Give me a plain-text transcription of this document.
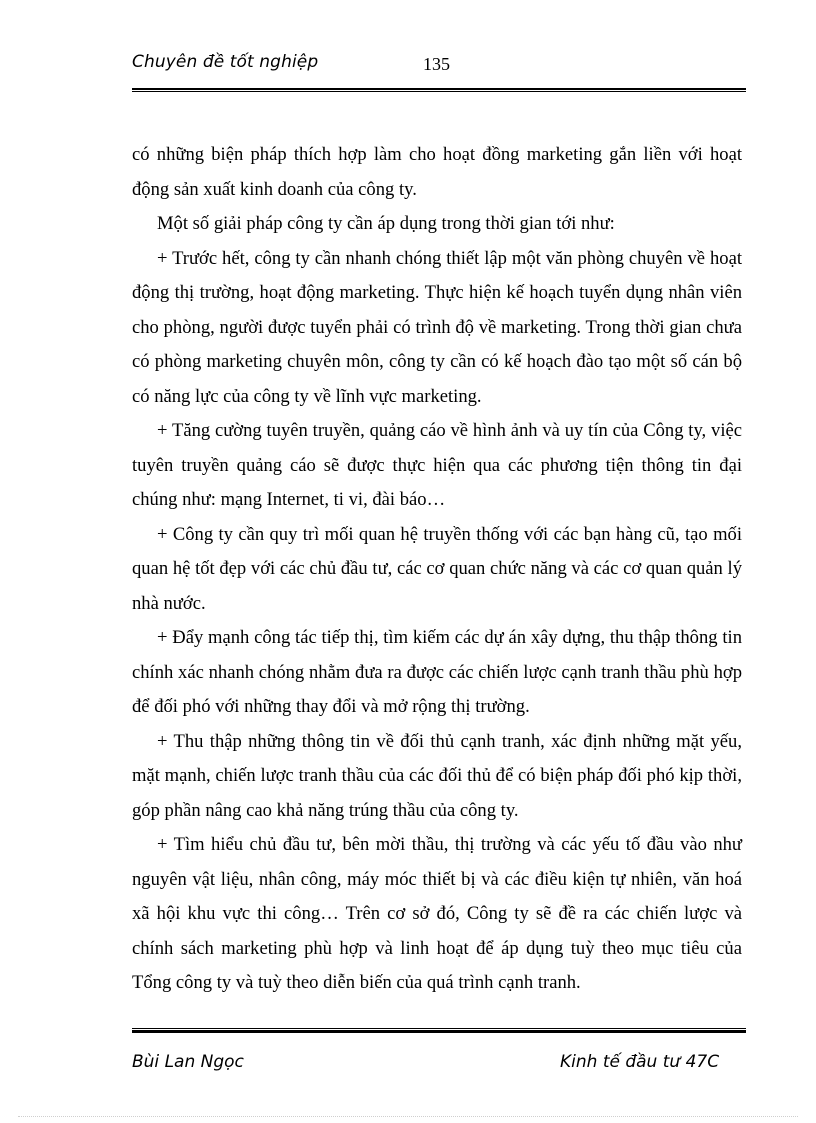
Chuyên đề tốt nghiệp	135

có những biện pháp thích hợp làm cho hoạt đồng marketing gắn liền với hoạt động sản xuất kinh doanh của công ty.

Một số giải pháp công ty cần áp dụng trong thời gian tới như:

+ Trước hết, công ty cần nhanh chóng thiết lập một văn phòng chuyên về hoạt động thị trường, hoạt động marketing. Thực hiện kế hoạch tuyển dụng nhân viên cho phòng, người được tuyển phải có trình độ về marketing. Trong thời gian chưa có phòng marketing chuyên môn, công ty cần có kế hoạch đào tạo một số cán bộ có năng lực của công ty về lĩnh vực marketing.

+ Tăng cường tuyên truyền, quảng cáo về hình ảnh và uy tín của Công ty, việc tuyên truyền quảng cáo sẽ được thực hiện qua các phương tiện thông tin đại chúng như: mạng Internet, ti vi, đài báo…

+ Công ty cần quy trì mối quan hệ truyền thống với các bạn hàng cũ, tạo mối quan hệ tốt đẹp với các chủ đầu tư, các cơ quan chức năng và các cơ quan quản lý nhà nước.

+ Đẩy mạnh công tác tiếp thị, tìm kiếm các dự án xây dựng, thu thập thông tin chính xác nhanh chóng nhằm đưa ra được các chiến lược cạnh tranh thầu phù hợp để đối phó với những thay đổi và mở rộng thị trường.

+ Thu thập những thông tin về đối thủ cạnh tranh, xác định những mặt yếu, mặt mạnh, chiến lược tranh thầu của các đối thủ để có biện pháp đối phó kịp thời, góp phần nâng cao khả năng trúng thầu của công ty.

+ Tìm hiểu chủ đầu tư, bên mời thầu, thị trường và các yếu tố đầu vào như nguyên vật liệu, nhân công, máy móc thiết bị và các điều kiện tự nhiên, văn hoá xã hội khu vực thi công… Trên cơ sở đó, Công ty sẽ đề ra các chiến lược và chính sách marketing phù hợp và linh hoạt để áp dụng tuỳ theo mục tiêu của Tổng công ty và tuỳ theo diễn biến của quá trình cạnh tranh.

Bùi Lan Ngọc	Kinh tế đầu tư 47C
